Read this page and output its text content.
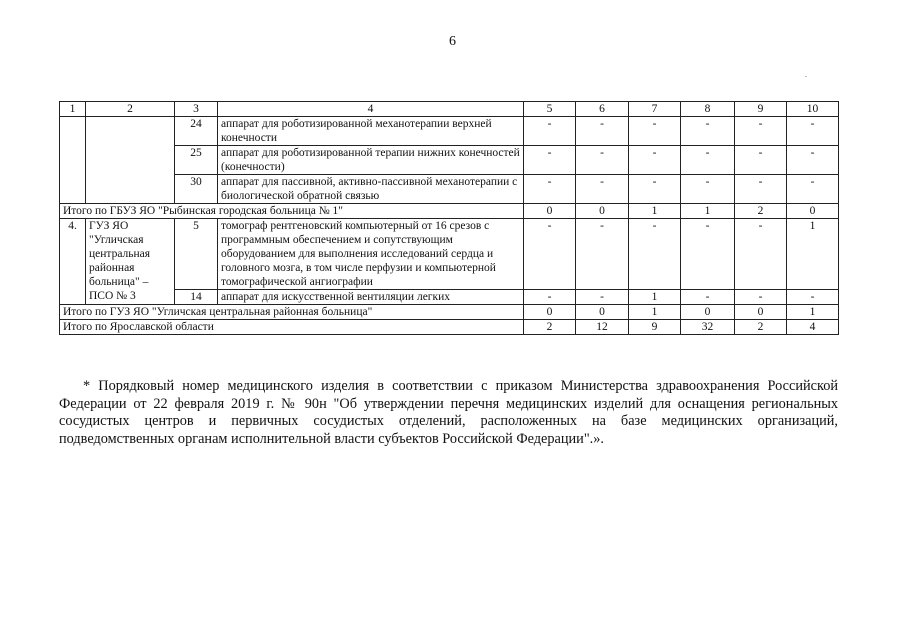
6
.
1	2	3	4	5	6	7	8	9	10
		24	аппарат для роботизированной механотерапии верхней конечности	-	-	-	-	-	-
		25	аппарат для роботизированной терапии нижних конечностей (конечности)	-	-	-	-	-	-
		30	аппарат для пассивной, активно-пассивной механотерапии с биологической обратной связью	-	-	-	-	-	-
Итого по ГБУЗ ЯО "Рыбинская городская больница № 1"				0	0	1	1	2	0
4.	ГУЗ ЯО "Угличская центральная районная больница" – ПСО № 3	5	томограф рентгеновский компьютерный от 16 срезов с программным обеспечением и сопутствующим оборудованием для выполнения исследований сердца и головного мозга, в том числе перфузии и компьютерной томографической ангиографии	-	-	-	-	-	1
		14	аппарат для искусственной вентиляции легких	-	-	1	-	-	-
Итого по ГУЗ ЯО "Угличская центральная районная больница"				0	0	1	0	0	1
Итого по Ярославской области				2	12	9	32	2	4

* Порядковый номер медицинского изделия в соответствии с приказом Министерства здравоохранения Российской Федерации от 22 февраля 2019 г. № 90н "Об утверждении перечня медицинских изделий для оснащения региональных сосудистых центров и первичных сосудистых отделений, расположенных на базе медицинских организаций, подведомственных органам исполнительной власти субъектов Российской Федерации".».
